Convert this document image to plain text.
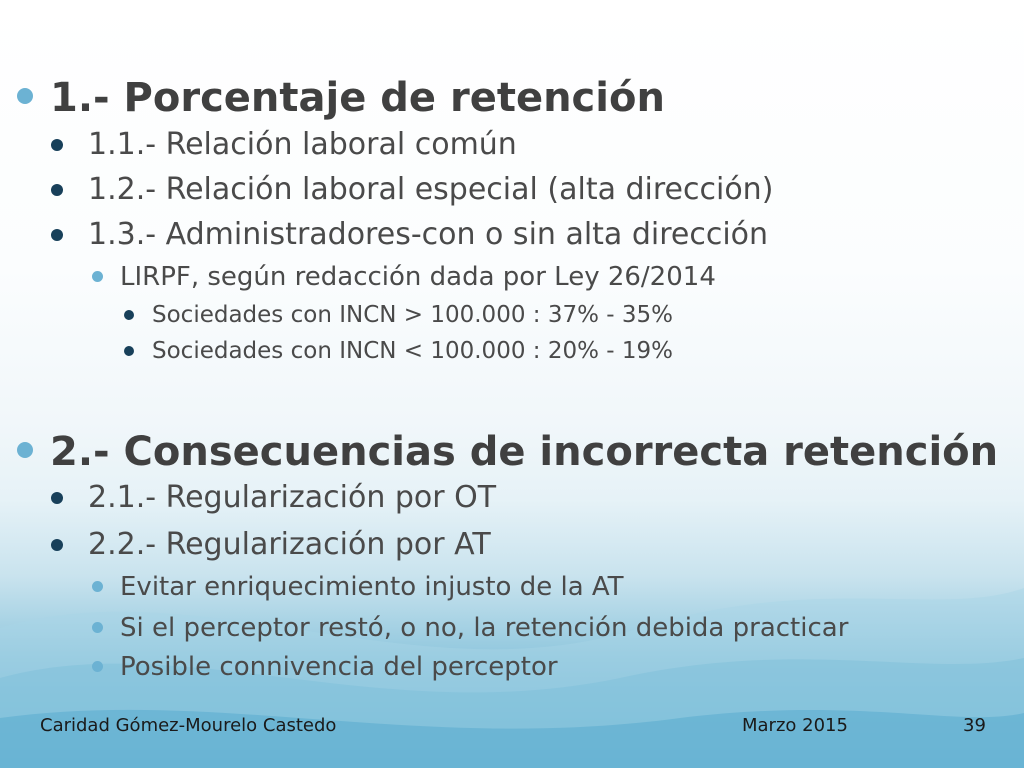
1.- Porcentaje de retención
1.1.- Relación laboral común
1.2.- Relación laboral especial (alta dirección)
1.3.- Administradores-con o sin alta dirección
LIRPF, según redacción dada por Ley 26/2014
Sociedades con INCN > 100.000 : 37% - 35%
Sociedades con INCN < 100.000 : 20% - 19%
2.- Consecuencias de incorrecta retención
2.1.- Regularización por OT
2.2.- Regularización por AT
Evitar enriquecimiento injusto de la AT
Si el perceptor restó, o no, la retención debida practicar
Posible connivencia del perceptor
Caridad Gómez-Mourelo Castedo	Marzo 2015	39
